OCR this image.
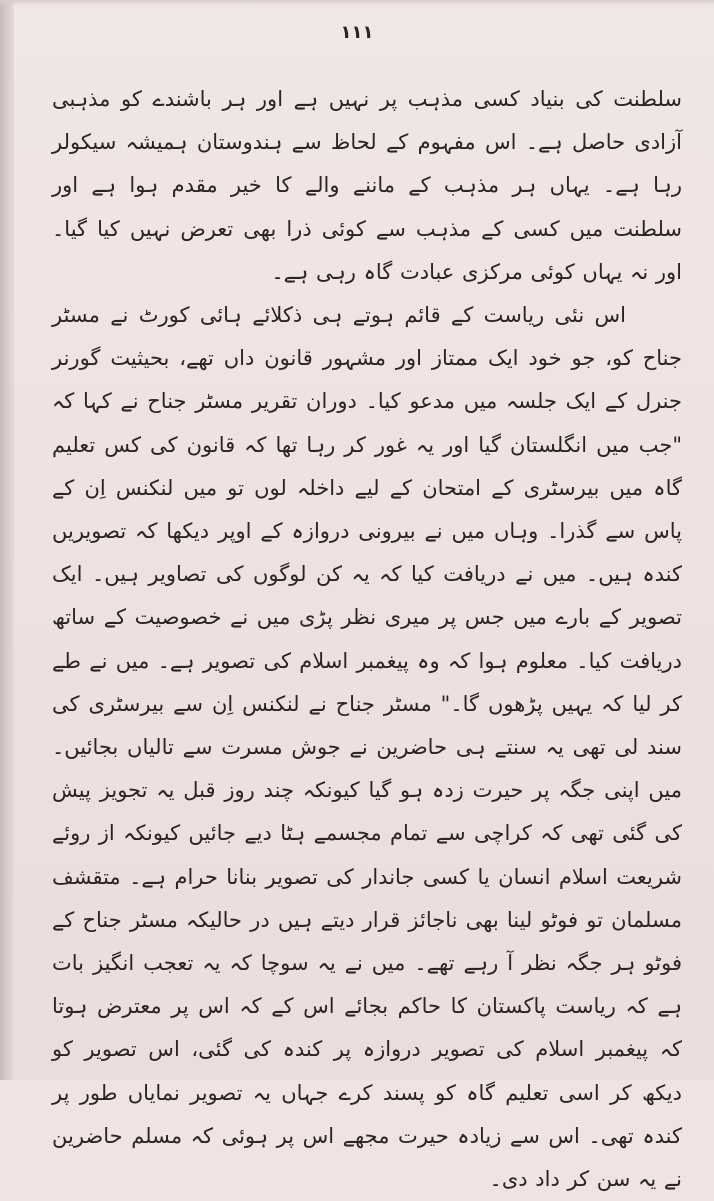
١١١

سلطنت کی بنیاد کسی مذہب پر نہیں ہے اور ہر باشندے کو مذہبی آزادی حاصل ہے۔ اس مفہوم کے لحاظ سے ہندوستان ہمیشہ سیکولر رہا ہے۔ یہاں ہر مذہب کے ماننے والے کا خیر مقدم ہوا ہے اور سلطنت میں کسی کے مذہب سے کوئی ذرا بھی تعرض نہیں کیا گیا۔ اور نہ یہاں کوئی مرکزی عبادت گاہ رہی ہے۔

اس نئی ریاست کے قائم ہوتے ہی ذکلائے ہائی کورٹ نے مسٹر جناح کو، جو خود ایک ممتاز اور مشہور قانون داں تھے، بحیثیت گورنر جنرل کے ایک جلسہ میں مدعو کیا۔ دوران تقریر مسٹر جناح نے کہا کہ "جب میں انگلستان گیا اور یہ غور کر رہا تھا کہ قانون کی کس تعلیم گاہ میں بیرسٹری کے امتحان کے لیے داخلہ لوں تو میں لنکنس اِن کے پاس سے گذرا۔ وہاں میں نے بیرونی دروازہ کے اوپر دیکھا کہ تصویریں کندہ ہیں۔ میں نے دریافت کیا کہ یہ کن لوگوں کی تصاویر ہیں۔ ایک تصویر کے بارے میں جس پر میری نظر پڑی میں نے خصوصیت کے ساتھ دریافت کیا۔ معلوم ہوا کہ وہ پیغمبر اسلام کی تصویر ہے۔ میں نے طے کر لیا کہ یہیں پڑھوں گا۔" مسٹر جناح نے لنکنس اِن سے بیرسٹری کی سند لی تھی یہ سنتے ہی حاضرین نے جوش مسرت سے تالیاں بجائیں۔ میں اپنی جگہ پر حیرت زدہ ہو گیا کیونکہ چند روز قبل یہ تجویز پیش کی گئی تھی کہ کراچی سے تمام مجسمے ہٹا دیے جائیں کیونکہ از روئے شریعت اسلام انسان یا کسی جاندار کی تصویر بنانا حرام ہے۔ متقشف مسلمان تو فوٹو لینا بھی ناجائز قرار دیتے ہیں در حالیکہ مسٹر جناح کے فوٹو ہر جگہ نظر آ رہے تھے۔ میں نے یہ سوچا کہ یہ تعجب انگیز بات ہے کہ ریاست پاکستان کا حاکم بجائے اس کے کہ اس پر معترض ہوتا کہ پیغمبر اسلام کی تصویر دروازہ پر کندہ کی گئی، اس تصویر کو دیکھ کر اسی تعلیم گاہ کو پسند کرے جہاں یہ تصویر نمایاں طور پر کندہ تھی۔ اس سے زیادہ حیرت مجھے اس پر ہوئی کہ مسلم حاضرین نے یہ سن کر داد دی۔
